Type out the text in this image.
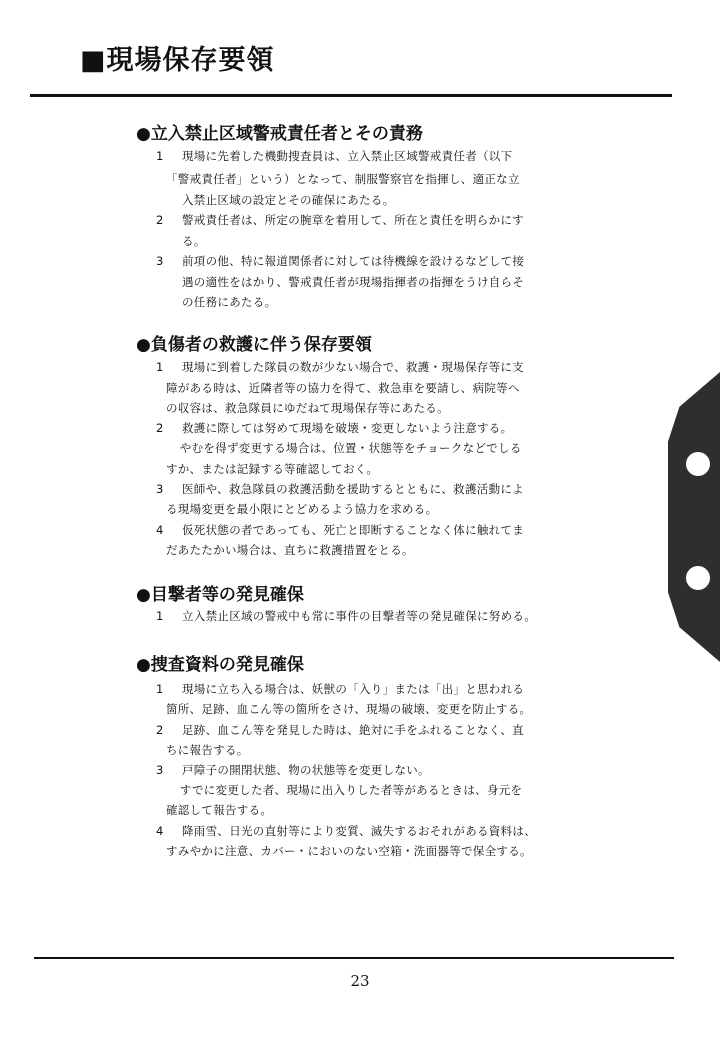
■現場保存要領
●立入禁止区域警戒責任者とその責務
1 現場に先着した機動捜査員は、立入禁止区域警戒責任者（以下
「警戒責任者」という）となって、制服警察官を指揮し、適正な立
入禁止区域の設定とその確保にあたる。
2 警戒責任者は、所定の腕章を着用して、所在と責任を明らかにす
る。
3 前項の他、特に報道関係者に対しては待機線を設けるなどして接
遇の適性をはかり、警戒責任者が現場指揮者の指揮をうけ自らそ
の任務にあたる。
●負傷者の救護に伴う保存要領
1 現場に到着した隊員の数が少ない場合で、救護・現場保存等に支
障がある時は、近隣者等の協力を得て、救急車を要請し、病院等へ
の収容は、救急隊員にゆだねて現場保存等にあたる。
2 救護に際しては努めて現場を破壊・変更しないよう注意する。
　やむを得ず変更する場合は、位置・状態等をチョークなどでしる
すか、または記録する等確認しておく。
3 医師や、救急隊員の救護活動を援助するとともに、救護活動によ
る現場変更を最小限にとどめるよう協力を求める。
4 仮死状態の者であっても、死亡と即断することなく体に触れてま
だあたたかい場合は、直ちに救護措置をとる。
●目撃者等の発見確保
1 立入禁止区域の警戒中も常に事件の目撃者等の発見確保に努める。
●捜査資料の発見確保
1 現場に立ち入る場合は、妖獣の「入り」または「出」と思われる
箇所、足跡、血こん等の箇所をさけ、現場の破壊、変更を防止する。
2 足跡、血こん等を発見した時は、絶対に手をふれることなく、直
ちに報告する。
3 戸障子の開閉状態、物の状態等を変更しない。
　すでに変更した者、現場に出入りした者等があるときは、身元を
確認して報告する。
4 降雨雪、日光の直射等により変質、滅失するおそれがある資料は、
すみやかに注意、カバー・においのない空箱・洗面器等で保全する。
23
